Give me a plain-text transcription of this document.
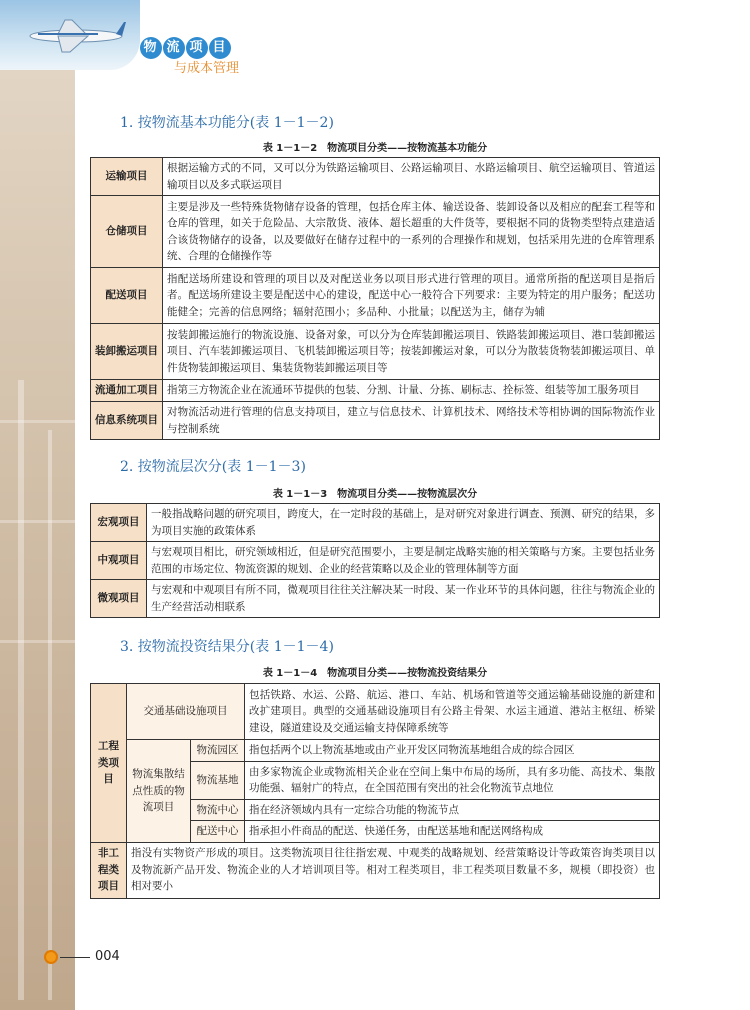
物 流 项 目
与成本管理
1. 按物流基本功能分(表 1－1－2)
表 1－1－2　物流项目分类——按物流基本功能分
运输项目	根据运输方式的不同，又可以分为铁路运输项目、公路运输项目、水路运输项目、航空运输项目、管道运输项目以及多式联运项目
仓储项目	主要是涉及一些特殊货物储存设备的管理，包括仓库主体、输送设备、装卸设备以及相应的配套工程等和仓库的管理，如关于危险品、大宗散货、液体、超长超重的大件货等，要根据不同的货物类型特点建造适合该货物储存的设备，以及要做好在储存过程中的一系列的合理操作和规划，包括采用先进的仓库管理系统、合理的仓储操作等
配送项目	指配送场所建设和管理的项目以及对配送业务以项目形式进行管理的项目。通常所指的配送项目是指后者。配送场所建设主要是配送中心的建设，配送中心一般符合下列要求：主要为特定的用户服务；配送功能健全；完善的信息网络；辐射范围小；多品种、小批量；以配送为主，储存为辅
装卸搬运项目	按装卸搬运施行的物流设施、设备对象，可以分为仓库装卸搬运项目、铁路装卸搬运项目、港口装卸搬运项目、汽车装卸搬运项目、飞机装卸搬运项目等；按装卸搬运对象，可以分为散装货物装卸搬运项目、单件货物装卸搬运项目、集装货物装卸搬运项目等
流通加工项目	指第三方物流企业在流通环节提供的包装、分割、计量、分拣、刷标志、拴标签、组装等加工服务项目
信息系统项目	对物流活动进行管理的信息支持项目，建立与信息技术、计算机技术、网络技术等相协调的国际物流作业与控制系统
2. 按物流层次分(表 1－1－3)
表 1－1－3　物流项目分类——按物流层次分
宏观项目	一般指战略问题的研究项目，跨度大，在一定时段的基础上，是对研究对象进行调查、预测、研究的结果，多为项目实施的政策体系
中观项目	与宏观项目相比，研究领域相近，但是研究范围要小，主要是制定战略实施的相关策略与方案。主要包括业务范围的市场定位、物流资源的规划、企业的经营策略以及企业的管理体制等方面
微观项目	与宏观和中观项目有所不同，微观项目往往关注解决某一时段、某一作业环节的具体问题，往往与物流企业的生产经营活动相联系
3. 按物流投资结果分(表 1－1－4)
表 1－1－4　物流项目分类——按物流投资结果分
工程类项目	交通基础设施项目		包括铁路、水运、公路、航运、港口、车站、机场和管道等交通运输基础设施的新建和改扩建项目。典型的交通基础设施项目有公路主骨架、水运主通道、港站主枢纽、桥梁建设，隧道建设及交通运输支持保障系统等
	物流集散结点性质的物流项目	物流园区	指包括两个以上物流基地或由产业开发区同物流基地组合成的综合园区
		物流基地	由多家物流企业或物流相关企业在空间上集中布局的场所，具有多功能、高技术、集散功能强、辐射广的特点，在全国范围有突出的社会化物流节点地位
		物流中心	指在经济领域内具有一定综合功能的物流节点
		配送中心	指承担小件商品的配送、快递任务，由配送基地和配送网络构成
非工程类项目	指没有实物资产形成的项目。这类物流项目往往指宏观、中观类的战略规划、经营策略设计等政策咨询类项目以及物流新产品开发、物流企业的人才培训项目等。相对工程类项目，非工程类项目数量不多，规模（即投资）也相对要小		
004
